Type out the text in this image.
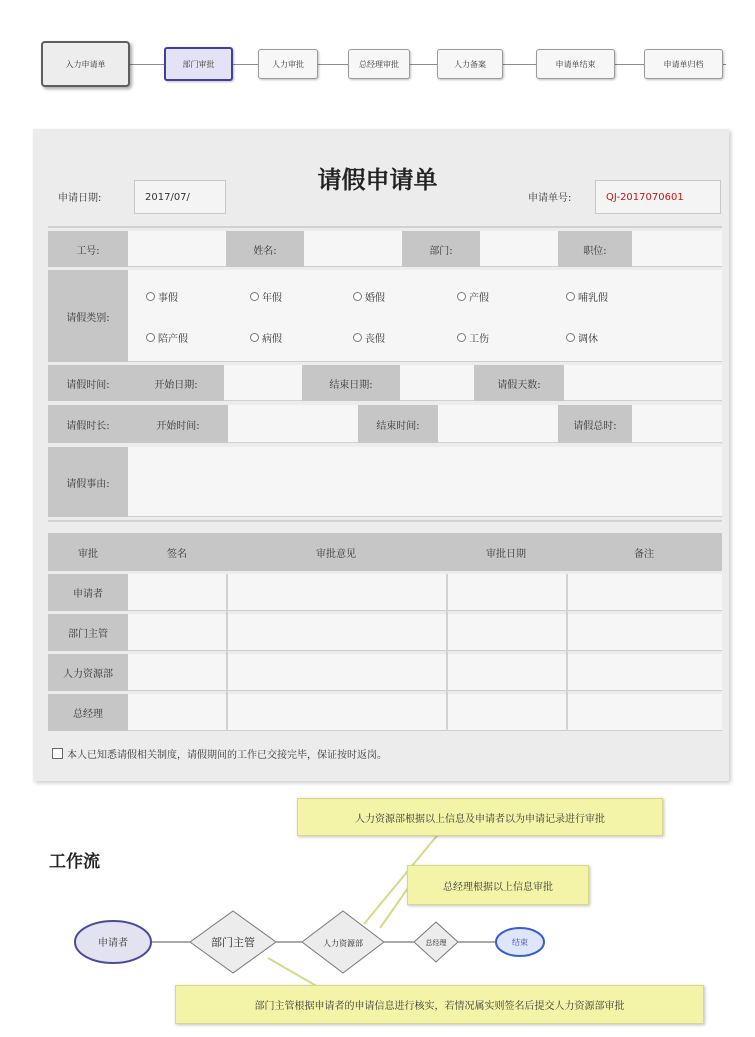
入力申请单	部门审批	人力审批	总经理审批	人力备案	申请单结束	申请单归档
请假申请单
申请日期:	2017/07/	申请单号:	QJ-2017070601
工号:	姓名:	部门:	职位:
请假类别:
事假	年假	婚假	产假	哺乳假
陪产假	病假	丧假	工伤	调休
请假时间:	开始日期:	结束日期:	请假天数:
请假时长:	开始时间:	结束时间:	请假总时:
请假事由:
审批	签名	审批意见	审批日期	备注
申请者
部门主管
人力资源部
总经理
本人已知悉请假相关制度，请假期间的工作已交接完毕，保证按时返岗。
工作流
申请者	部门主管	人力资源部	总经理	结束
人力资源部根据以上信息及申请者以为申请记录进行审批
总经理根据以上信息审批
部门主管根据申请者的申请信息进行核实，若情况属实则签名后提交人力资源部审批
